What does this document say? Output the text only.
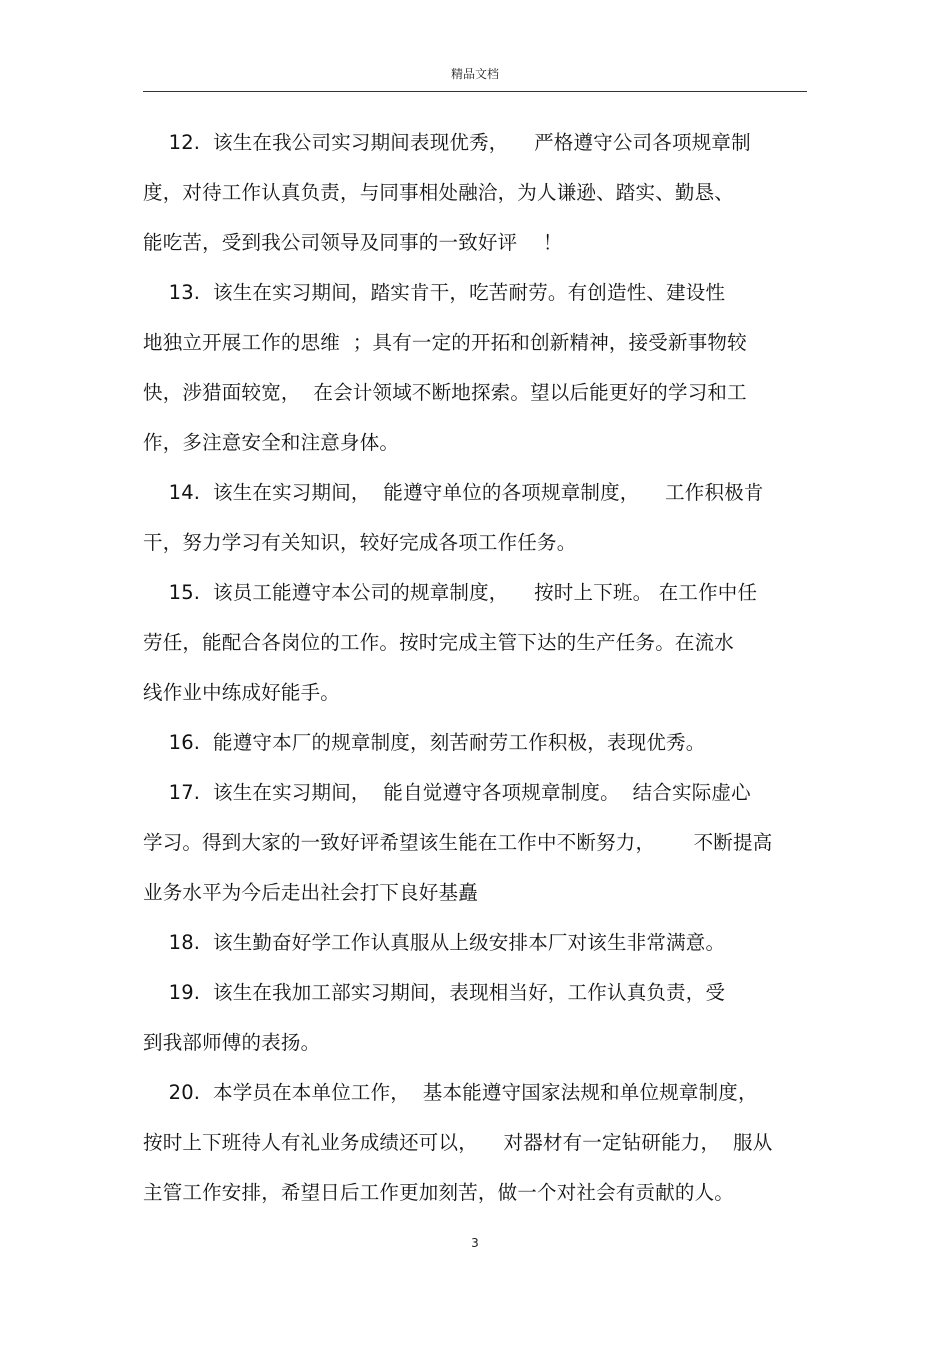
精品文档
12.  该生在我公司实习期间表现优秀，    严格遵守公司各项规章制
度，对待工作认真负责，与同事相处融洽，为人谦逊、踏实、勤恳、
能吃苦，受到我公司领导及同事的一致好评    ！
13.  该生在实习期间，踏实肯干，吃苦耐劳。有创造性、建设性
地独立开展工作的思维  ；具有一定的开拓和创新精神，接受新事物较
快，涉猎面较宽，  在会计领域不断地探索。望以后能更好的学习和工
作，多注意安全和注意身体。
14.  该生在实习期间，  能遵守单位的各项规章制度，    工作积极肯
干，努力学习有关知识，较好完成各项工作任务。
15.  该员工能遵守本公司的规章制度，    按时上下班。 在工作中任
劳任，能配合各岗位的工作。按时完成主管下达的生产任务。在流水
线作业中练成好能手。
16.  能遵守本厂的规章制度，刻苦耐劳工作积极，表现优秀。
17.  该生在实习期间，  能自觉遵守各项规章制度。  结合实际虚心
学习。得到大家的一致好评希望该生能在工作中不断努力，      不断提高
业务水平为今后走出社会打下良好基矗
18.  该生勤奋好学工作认真服从上级安排本厂对该生非常满意。
19.  该生在我加工部实习期间，表现相当好，工作认真负责，受
到我部师傅的表扬。
20.  本学员在本单位工作，  基本能遵守国家法规和单位规章制度，
按时上下班待人有礼业务成绩还可以，    对器材有一定钻研能力，  服从
主管工作安排，希望日后工作更加刻苦，做一个对社会有贡献的人。
3
